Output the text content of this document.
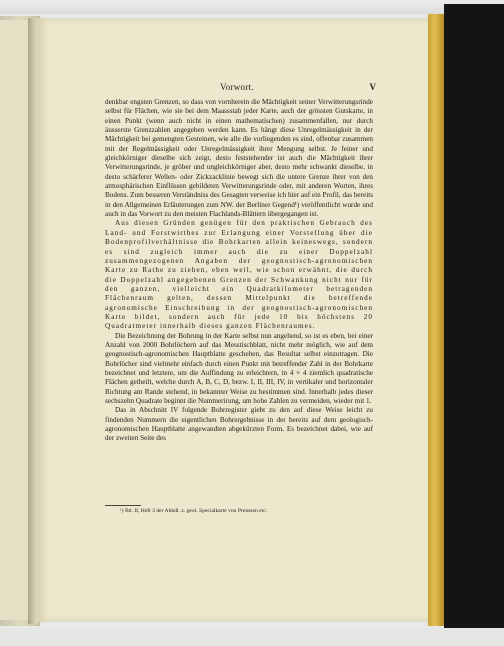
Vorwort.	V

denkbar engsten Grenzen, so dass von vornherein die Mächtigkeit seiner Verwitterungsrinde selbst für Flächen, wie sie bei dem Maassstab jeder Karte, auch der grössten Gutskarte, in einen Punkt (wenn auch nicht in einen mathematischen) zusammenfallen, nur durch äusserste Grenzzahlen angegeben werden kann. Es hängt diese Unregelmässigkeit in der Mächtigkeit bei gemengten Gesteinen, wie alle die vorliegenden es sind, offenbar zusammen mit der Regelmässigkeit oder Unregelmässigkeit ihrer Mengung selbst. Je feiner und gleichkörniger dieselbe sich zeigt, desto feststehender ist auch die Mächtigkeit ihrer Verwitterungsrinde, je gröber und ungleichkörniger aber, desto mehr schwankt dieselbe, in desto schärferer Wellen- oder Zickzacklinie bewegt sich die untere Grenze ihrer von den atmosphärischen Einflüssen gebildeten Verwitterungsrinde oder, mit anderen Worten, ihres Bodens. Zum besseren Verständniss des Gesagten verweise ich hier auf ein Profil, das bereits in den Allgemeinen Erläuterungen zum NW. der Berliner Gegend¹) veröffentlicht wurde und auch in das Vorwort zu den meisten Flachlands-Blättern übergegangen ist.

Aus diesen Gründen genügen für den praktischen Gebrauch des Land- und Forstwirthes zur Erlangung einer Vorstellung über die Bodenprofilverhältnisse die Bohrkarten allein keineswegs, sondern es sind zugleich immer auch die zu einer Doppelzahl zusammengezogenen Angaben der geognostisch-agronomischen Karte zu Rathe zu ziehen, eben weil, wie schon erwähnt, die durch die Doppelzahl angegebenen Grenzen der Schwankung nicht nur für den ganzen, vielleicht ein Quadratkilometer betragenden Flächenraum gelten, dessen Mittelpunkt die betreffende agronomische Einschreibung in der geognostisch-agronomischen Karte bildet, sondern auch für jede 10 bis höchstens 20 Quadratmeter innerhalb dieses ganzen Flächenraumes.

Die Bezeichnung der Bohrung in der Karte selbst nun angehend, so ist es eben, bei einer Anzahl von 2000 Bohrlöchern auf das Messtischblatt, nicht mehr möglich, wie auf dem geognostisch-agronomischen Hauptblatte geschehen, das Resultat selbst einzutragen. Die Bohrlöcher sind vielmehr einfach durch einen Punkt mit betreffender Zahl in der Bohrkarte bezeichnet und letztere, um die Auffindung zu erleichtern, in 4 × 4 ziemlich quadratische Flächen getheilt, welche durch A, B, C, D, bezw. I, II, III, IV, in vertikaler und horizontaler Richtung am Rande stehend, in bekannter Weise zu bestimmen sind. Innerhalb jedes dieser sechszehn Quadrate beginnt die Nummerirung, um hohe Zahlen zu vermeiden, wieder mit 1.

Das in Abschnitt IV folgende Bohrregister giebt zu den auf diese Weise leicht zu findenden Nummern die eigentlichen Bohrergebnisse in der bereits auf dem geologisch-agronomischen Hauptblatte angewandten abgekürzten Form. Es bezeichnet dabei, wie auf der zweiten Seite des

¹) Bd. II, Heft 3 der Abhdl. z. geol. Specialkarte von Preussen etc.
